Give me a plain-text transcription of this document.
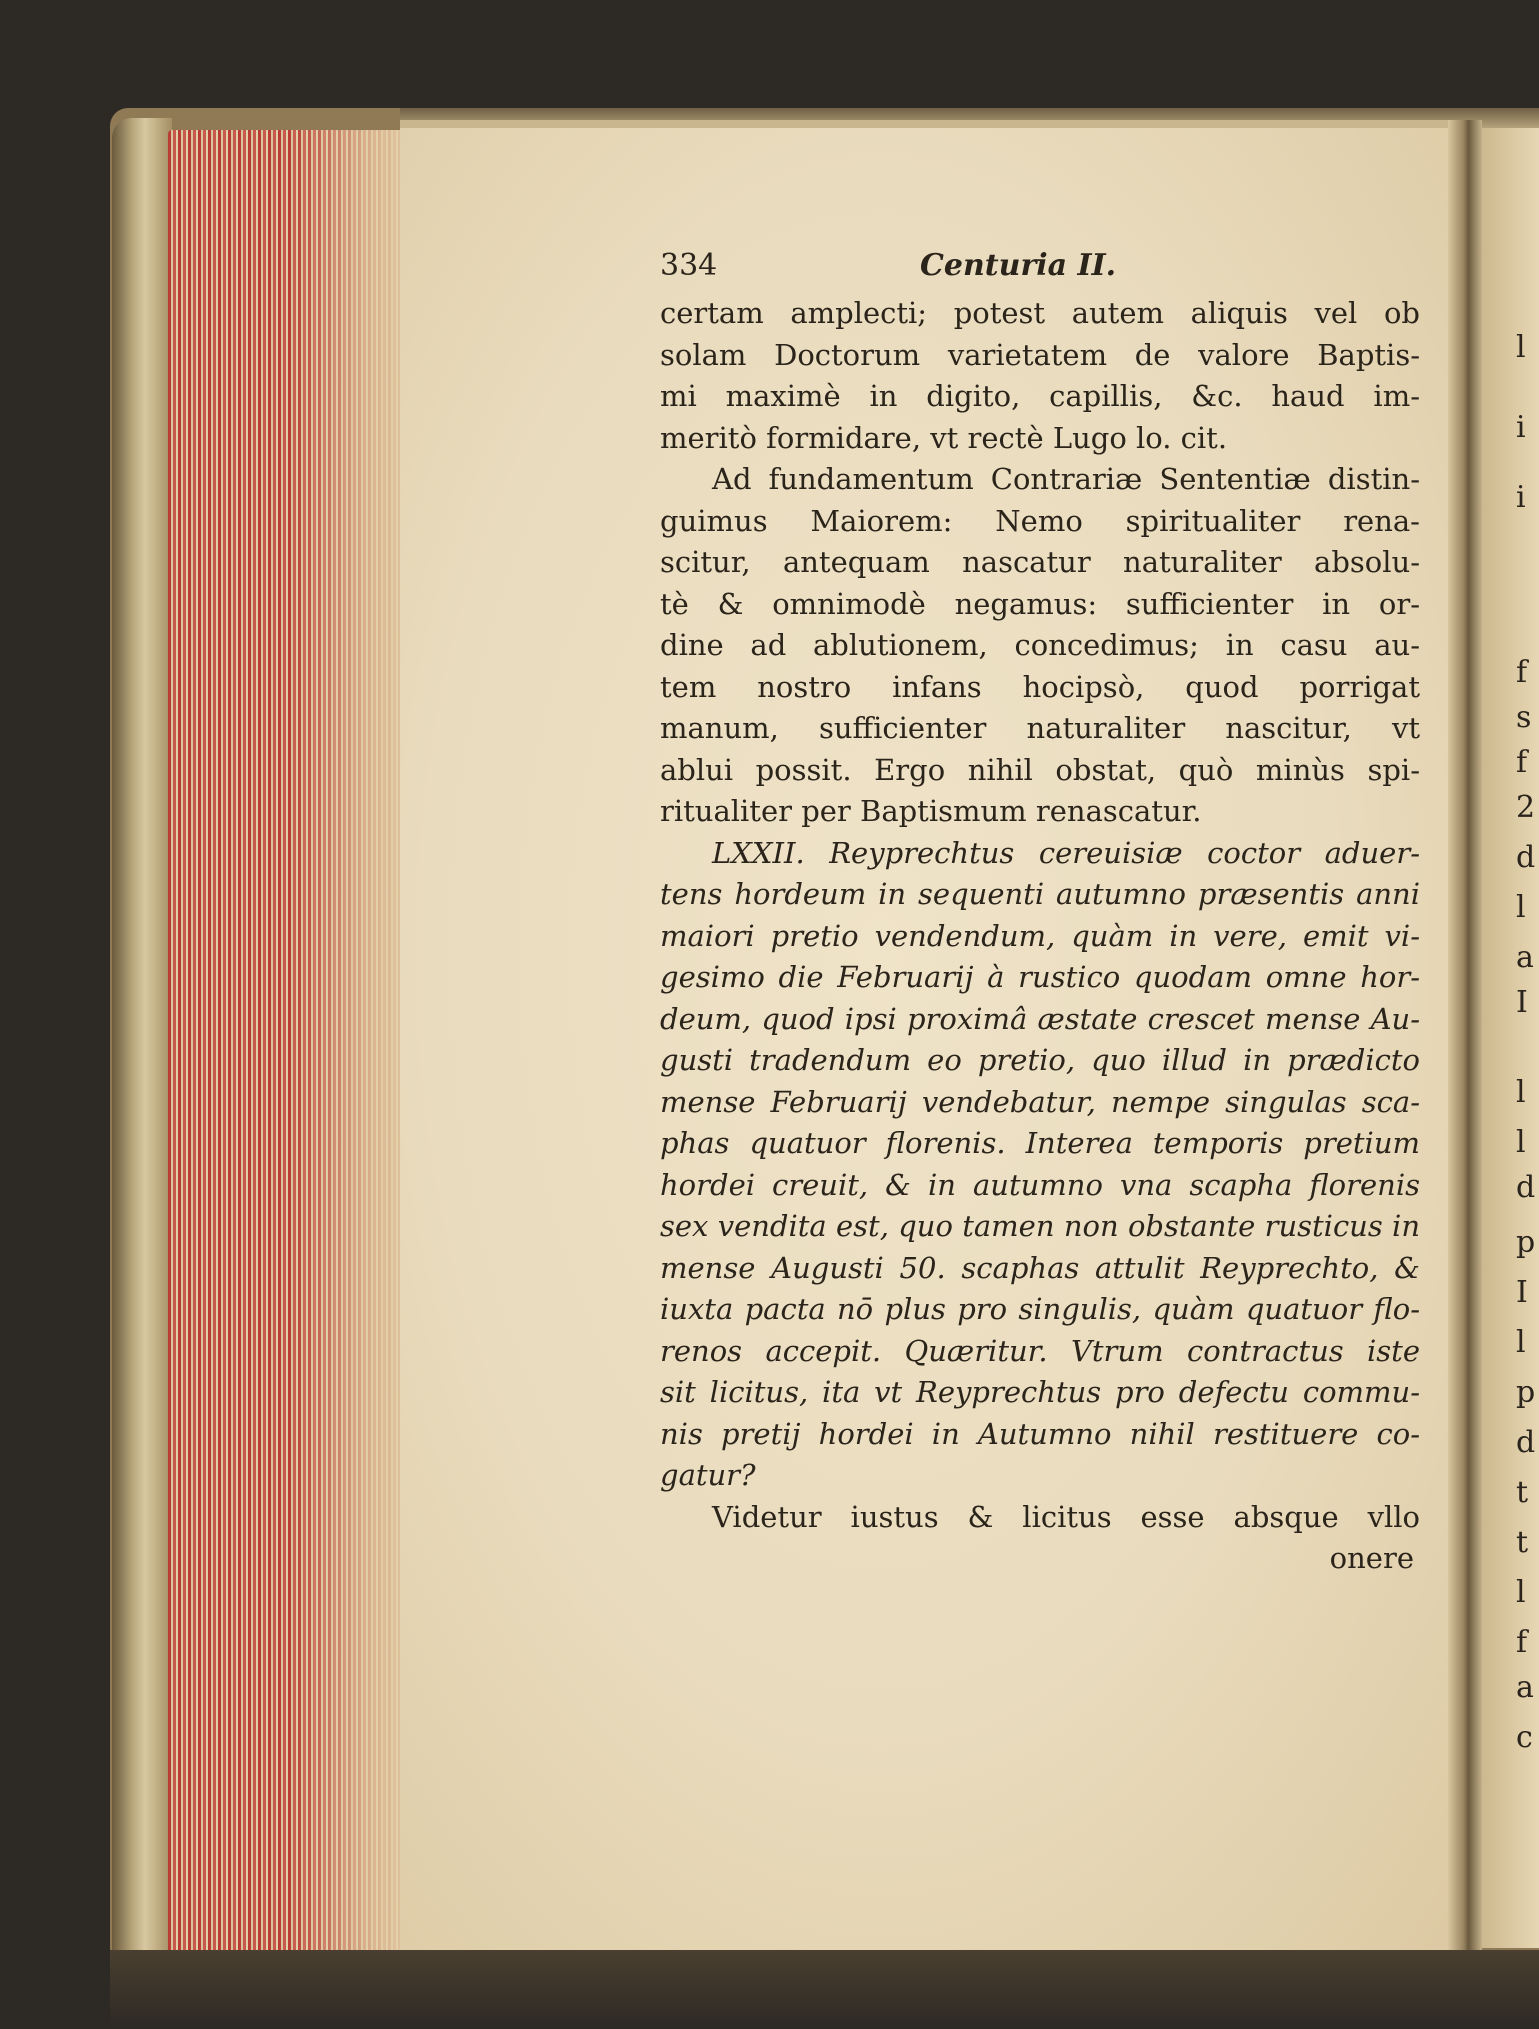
l
i
i
f
s
f
2
d
l
a
I
l
l
d
p
I
l
p
d
t
t
l
f
a
c
334	Centuria II.
certam amplecti; potest autem aliquis vel ob
solam Doctorum varietatem de valore Baptis-
mi maximè in digito, capillis, &c. haud im-
meritò formidare, vt rectè Lugo lo. cit.
Ad fundamentum Contrariæ Sententiæ distin-
guimus Maiorem: Nemo spiritualiter rena-
scitur, antequam nascatur naturaliter absolu-
tè & omnimodè negamus: sufficienter in or-
dine ad ablutionem, concedimus; in casu au-
tem nostro infans hocipsò, quod porrigat
manum, sufficienter naturaliter nascitur, vt
ablui possit. Ergo nihil obstat, quò minùs spi-
ritualiter per Baptismum renascatur.
LXXII. Reyprechtus cereuisiæ coctor aduer-
tens hordeum in sequenti autumno præsentis anni
maiori pretio vendendum, quàm in vere, emit vi-
gesimo die Februarij à rustico quodam omne hor-
deum, quod ipsi proximâ æstate crescet mense Au-
gusti tradendum eo pretio, quo illud in prædicto
mense Februarij vendebatur, nempe singulas sca-
phas quatuor florenis. Interea temporis pretium
hordei creuit, & in autumno vna scapha florenis
sex vendita est, quo tamen non obstante rusticus in
mense Augusti 50. scaphas attulit Reyprechto, &
iuxta pacta nō plus pro singulis, quàm quatuor flo-
renos accepit. Quæritur. Vtrum contractus iste
sit licitus, ita vt Reyprechtus pro defectu commu-
nis pretij hordei in Autumno nihil restituere co-
gatur?
Videtur iustus & licitus esse absque vllo
onere
